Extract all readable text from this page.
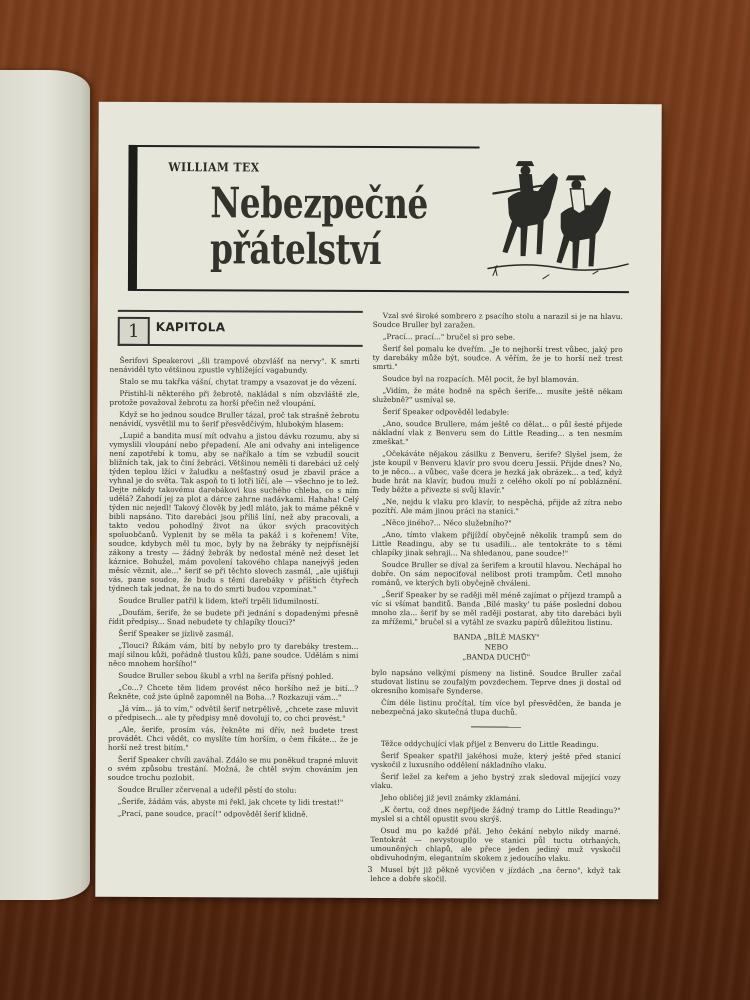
WILLIAM TEX
Nebezpečné
přátelství
1	KAPITOLA

Šerifovi Speakerovi „šli trampové obzvlášť na nervy". K smrti nenáviděl tyto většinou zpustle vyhlížející vagabundy.

Stalo se mu takřka vášní, chytat trampy a vsazovat je do vězení.

Přistihl-li některého při žebrotě, nakládal s ním obzvláště zle, protože považoval žebrotu za horší přečin než vloupání.

Když se ho jednou soudce Bruller tázal, proč tak strašně žebrotu nenávidí, vysvětlil mu to šerif přesvědčivým, hlubokým hlasem:

„Lupič a bandita musí mít odvahu a jistou dávku rozumu, aby si vymyslili vloupání nebo přepadení. Ale ani odvahy ani inteligence není zapotřebí k tomu, aby se naříkalo a tím se vzbudil soucit bližních tak, jak to činí žebráci. Většinou neměli ti darebáci už celý týden teplou lžíci v žaludku a nešťastný osud je zbavil práce a vyhnal je do světa. Tak aspoň to ti lotři líčí, ale — všechno je to lež. Dejte někdy takovému darebákovi kus suchého chleba, co s ním udělá? Zahodí jej za plot a dárce zahrne nadávkami. Hahaha! Celý týden nic nejedl! Takový člověk by jedl mláto, jak to máme pěkně v bibli napsáno. Tito darebáci jsou příliš líní, než aby pracovali, a takto vedou pohodlný život na úkor svých pracovitých spoluobčanů. Vyplenit by se měla ta pakáž i s kořenem! Víte, soudce, kdybych měl tu moc, byly by na žebráky ty nejpřísnější zákony a tresty — žádný žebrák by nedostal méně než deset let káznice. Bohužel, mám povolení takového chlapa nanejvýš jeden měsíc věznit, ale..." šerif se při těchto slovech zasmál, „ale ujišťuji vás, pane soudce, že budu s těmi darebáky v příštích čtyřech týdnech tak jednat, že na to do smrti budou vzpomínat."

Soudce Bruller patřil k lidem, kteří trpěli lidumilností.

„Doufám, šerife, že se budete při jednání s dopadenými přesně řídit předpisy... Snad nebudete ty chlapíky tlouci?"

Šerif Speaker se jízlivě zasmál.

„Tlouci? Říkám vám, bití by nebylo pro ty darebáky trestem... mají silnou kůži, pořádně tlustou kůži, pane soudce. Udělám s nimi něco mnohem horšího!"

Soudce Bruller sebou škubl a vrhl na šerifa přísný pohled.

„Co...? Chcete těm lidem provést něco horšího než je bití...? Řekněte, což jste úplně zapomněl na Boha...? Rozkazuji vám..."

„Já vím... já to vím," odvětil šerif netrpělivě, „chcete zase mluvit o předpisech... ale ty předpisy mně dovolují to, co chci provést."

„Ale, šerife, prosím vás, řekněte mi dřív, než budete trest provádět. Chci vědět, co myslíte tím horším, o čem říkáte... že je horší než trest bitím."

Šerif Speaker chvíli zaváhal. Zdálo se mu poněkud trapné mluvit o svém způsobu trestání. Možná, že chtěl svým chováním jen soudce trochu pozlobit.

Soudce Bruller zčervenal a udeřil pěstí do stolu:

„Šerife, žádám vás, abyste mi řekl, jak chcete ty lidi trestat!"

„Prací, pane soudce, prací!" odpověděl šerif klidně.

Vzal své široké sombrero z psacího stolu a narazil si je na hlavu. Soudce Bruller byl zaražen.

„Prací... prací..." bručel si pro sebe.

Šerif šel pomalu ke dveřím. „Je to nejhorší trest vůbec, jaký pro ty darebáky může být, soudce. A věřím, že je to horší než trest smrti."

Soudce byl na rozpacích. Měl pocit, že byl blamován.

„Vidím, že máte hodně na spěch šerife... musíte ještě někam služebně?" usmíval se.

Šerif Speaker odpověděl ledabyle:

„Ano, soudce Brullere, mám ještě co dělat... o půl šesté přijede nákladní vlak z Benveru sem do Little Reading... a ten nesmím zmeškat."

„Očekáváte nějakou zásilku z Benveru, šerife? Slyšel jsem, že jste koupil v Benveru klavír pro svou dceru Jessii. Přijde dnes? No, to je něco... a vůbec, vaše dcera je hezká jak obrázek... a teď, když bude hrát na klavír, budou muži z celého okolí po ní pobláznění. Tedy běžte a přivezte si svůj klavír."

„Ne, nejdu k vlaku pro klavír, to nespěchá, přijde až zítra nebo pozítří. Ale mám jinou práci na stanici."

„Něco jiného?... Něco služebního?"

„Ano, tímto vlakem přijíždí obyčejně několik trampů sem do Little Readingu, aby se tu usadili... ale tentokráte to s těmi chlapíky jinak sehraji... Na shledanou, pane soudce!"

Soudce Bruller se díval za šerifem a kroutil hlavou. Nechápal ho dobře. On sám nepociťoval nelibost proti trampům. Četl mnoho románů, ve kterých byli obyčejně chváleni.

„Šerif Speaker by se raději měl méně zajímat o příjezd trampů a víc si všímat banditů. Banda ‚Bílé masky' tu páše poslední dobou mnoho zla... šerif by se měl raději postarat, aby tito darebáci byli za mřížemi," bručel si a vytáhl ze svazku papírů důležitou listinu.

BANDA „BÍLÉ MASKY"
NEBO
„BANDA DUCHŮ"

bylo napsáno velkými písmeny na listině. Soudce Bruller začal studovat listinu se zoufalým povzdechem. Teprve dnes ji dostal od okresního komisaře Synderse.

Čím déle listinu pročítal, tím více byl přesvědčen, že banda je nebezpečná jako skutečná tlupa duchů.

Těžce oddychující vlak přijel z Benveru do Little Readingu.

Šerif Speaker spatřil jakéhosi muže, který ještě před stanicí vyskočil z luxusního oddělení nákladního vlaku.

Šerif ležel za keřem a jeho bystrý zrak sledoval míjející vozy vlaku.

Jeho obličej již jevil známky zklamání.

„K čertu, což dnes nepřijede žádný tramp do Little Readingu?" myslel si a chtěl opustit svou skrýš.

Osud mu po každé přál. Jeho čekání nebylo nikdy marné. Tentokrát — nevystoupilo ve stanici půl tuctu otrhaných, umouněných chlapů, ale přece jeden jediný muž vyskočil obdivuhodným, elegantním skokem z jedoucího vlaku.

Musel být již pěkně vycvičen v jízdách „na černo", když tak lehce a dobře skočil.

3
